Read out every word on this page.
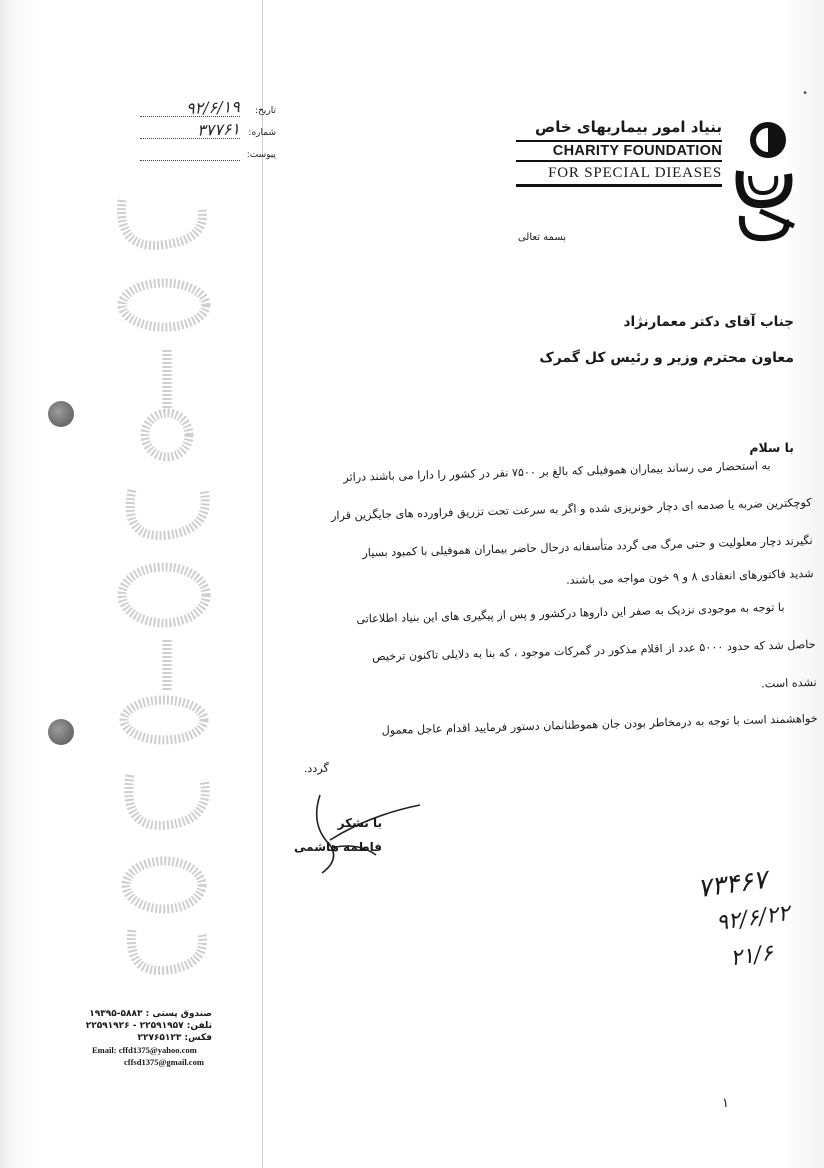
•
تاریخ:
۹۲/۶/۱۹
شماره:
۳۷۷۶۱
پیوست:
بنیاد امور بیماریهای خاص
CHARITY FOUNDATION
FOR SPECIAL DIEASES
بسمه تعالی
جناب آقای دکتر معمارنژاد
معاون محترم وزیر و رئیس کل گمرک
با سلام

به استحضار می رساند بیماران هموفیلی که بالغ بر ۷۵۰۰ نفر در کشور را دارا می باشند دراثر

کوچکترین ضربه یا صدمه ای دچار خونریزی شده و اگر به سرعت تحت تزریق فراورده های جایگزین قرار

نگیرند دچار معلولیت و حتی مرگ می گردد متأسفانه درحال حاضر بیماران هموفیلی با کمبود بسیار

شدید فاکتورهای انعقادی ۸ و ۹ خون مواجه می باشند.

با توجه به موجودی نزدیک به صفر این داروها درکشور و پس از پیگیری های این بنیاد اطلاعاتی

حاصل شد که حدود ۵۰۰۰ عدد از اقلام مذکور در گمرکات موجود ، که بنا به دلایلی تاکنون ترخیص

نشده است.

خواهشمند است با توجه به درمخاطر بودن جان هموطنانمان دستور فرمایید اقدام عاجل معمول

گردد.

با تشکر
فاطمه هاشمی
۷۳۴۶۷
۹۲/۶/۲۲
۲۱/۶
صندوق پستی : ۵۸۸۳-۱۹۳۹۵
تلفن: ۲۲۵۹۱۹۵۷ - ۲۲۵۹۱۹۲۶
فکس: ۲۲۷۶۵۱۲۳
Email: cffd1375@yahoo.com
cffsd1375@gmail.com
۱
